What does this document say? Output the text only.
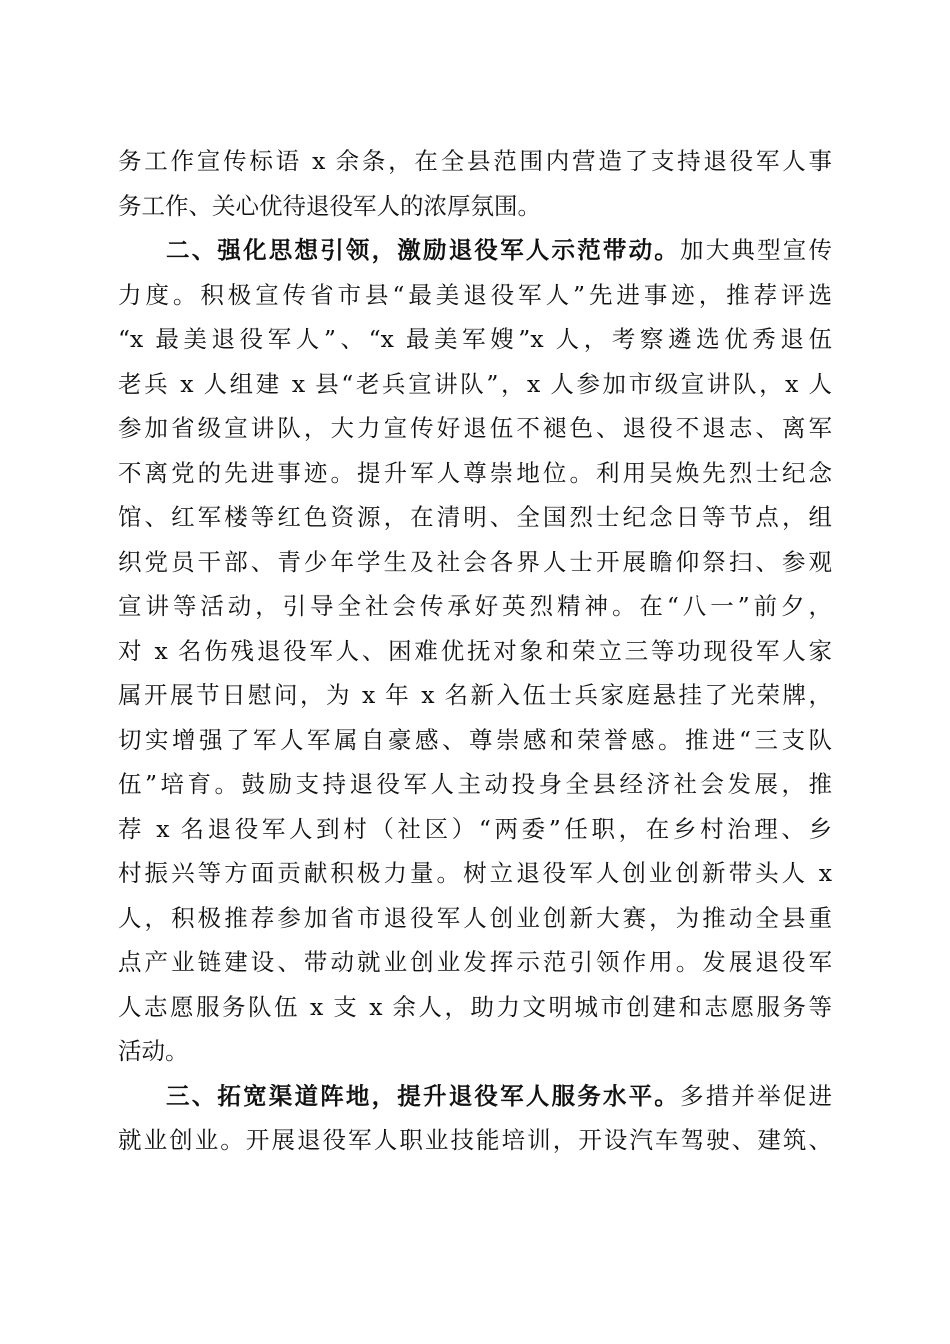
务工作宣传标语 x 余条，在全县范围内营造了支持退役军人事
务工作、关心优待退役军人的浓厚氛围。
二、强化思想引领，激励退役军人示范带动。加大典型宣传
力度。积极宣传省市县“最美退役军人”先进事迹，推荐评选
“x 最美退役军人”、“x 最美军嫂”x 人，考察遴选优秀退伍
老兵 x 人组建 x 县“老兵宣讲队”，x 人参加市级宣讲队，x 人
参加省级宣讲队，大力宣传好退伍不褪色、退役不退志、离军
不离党的先进事迹。提升军人尊崇地位。利用吴焕先烈士纪念
馆、红军楼等红色资源，在清明、全国烈士纪念日等节点，组
织党员干部、青少年学生及社会各界人士开展瞻仰祭扫、参观
宣讲等活动，引导全社会传承好英烈精神。在“八一”前夕，
对 x 名伤残退役军人、困难优抚对象和荣立三等功现役军人家
属开展节日慰问，为 x 年 x 名新入伍士兵家庭悬挂了光荣牌，
切实增强了军人军属自豪感、尊崇感和荣誉感。推进“三支队
伍”培育。鼓励支持退役军人主动投身全县经济社会发展，推
荐 x 名退役军人到村（社区）“两委”任职，在乡村治理、乡
村振兴等方面贡献积极力量。树立退役军人创业创新带头人 x
人，积极推荐参加省市退役军人创业创新大赛，为推动全县重
点产业链建设、带动就业创业发挥示范引领作用。发展退役军
人志愿服务队伍 x 支 x 余人，助力文明城市创建和志愿服务等
活动。
三、拓宽渠道阵地，提升退役军人服务水平。多措并举促进
就业创业。开展退役军人职业技能培训，开设汽车驾驶、建筑、
